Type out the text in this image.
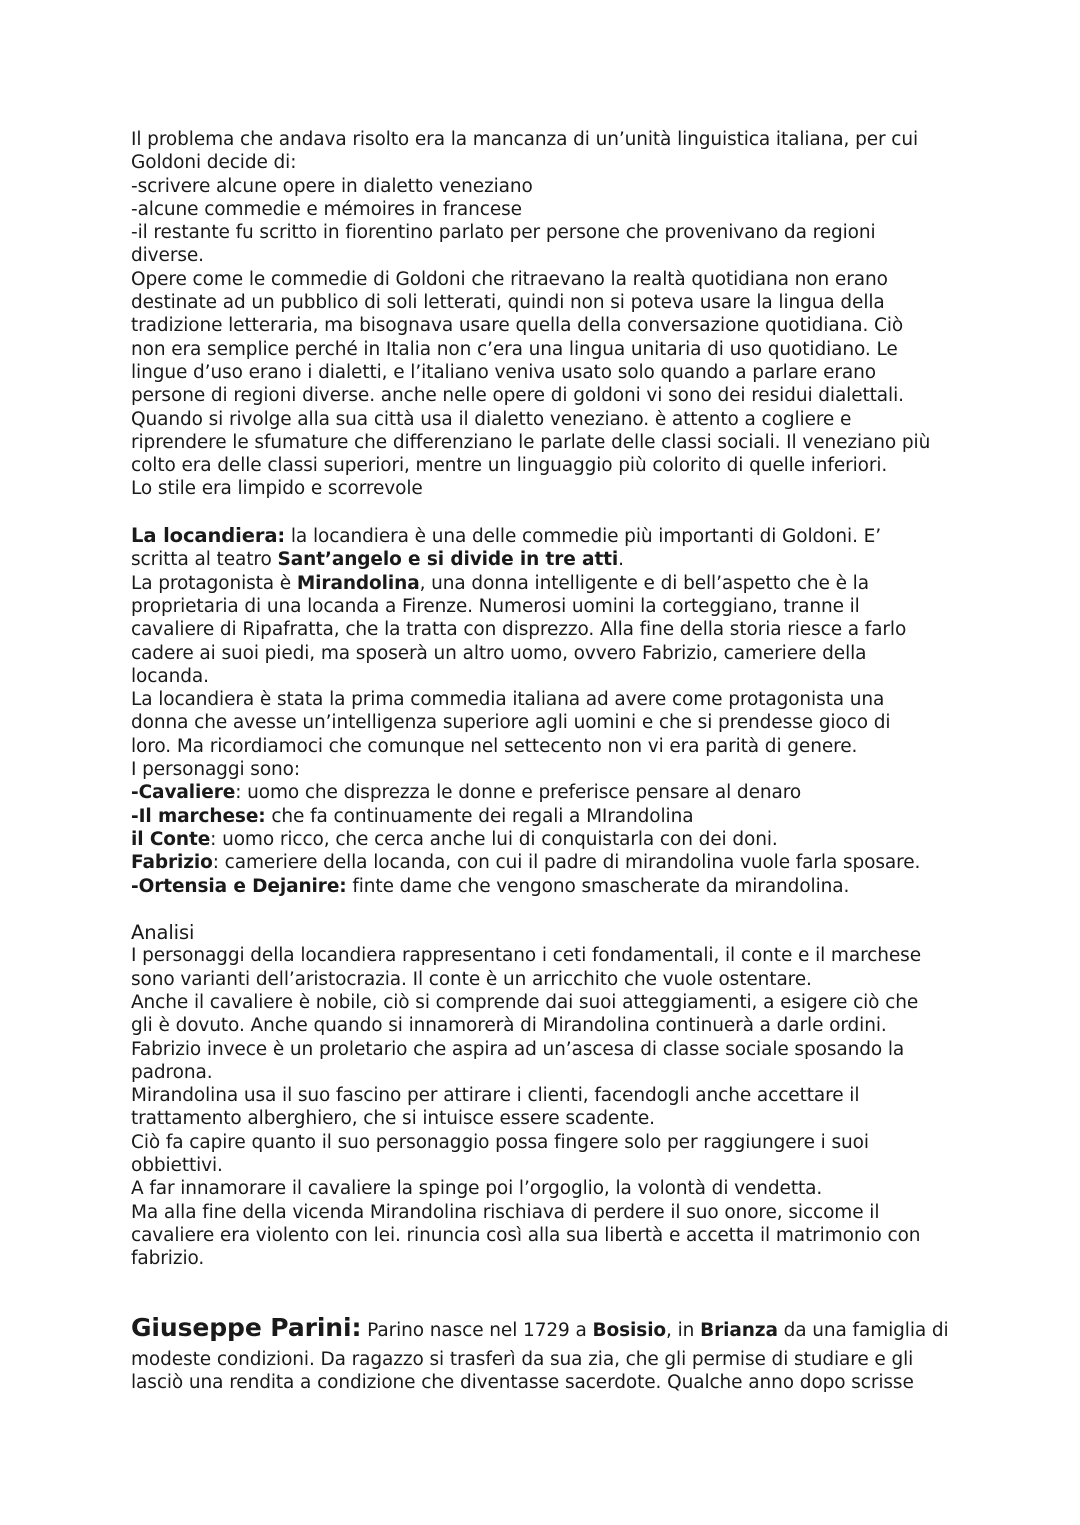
Il problema che andava risolto era la mancanza di un’unità linguistica italiana, per cui
Goldoni decide di:
-scrivere alcune opere in dialetto veneziano
-alcune commedie e mémoires in francese
-il restante fu scritto in fiorentino parlato per persone che provenivano da regioni
diverse.
Opere come le commedie di Goldoni che ritraevano la realtà quotidiana non erano
destinate ad un pubblico di soli letterati, quindi non si poteva usare la lingua della
tradizione letteraria, ma bisognava usare quella della conversazione quotidiana. Ciò
non era semplice perché in Italia non c’era una lingua unitaria di uso quotidiano. Le
lingue d’uso erano i dialetti, e l’italiano veniva usato solo quando a parlare erano
persone di regioni diverse. anche nelle opere di goldoni vi sono dei residui dialettali.
Quando si rivolge alla sua città usa il dialetto veneziano. è attento a cogliere e
riprendere le sfumature che differenziano le parlate delle classi sociali. Il veneziano più
colto era delle classi superiori, mentre un linguaggio più colorito di quelle inferiori.
Lo stile era limpido e scorrevole
La locandiera: la locandiera è una delle commedie più importanti di Goldoni. E’
scritta al teatro Sant’angelo e si divide in tre atti.
La protagonista è Mirandolina, una donna intelligente e di bell’aspetto che è la
proprietaria di una locanda a Firenze. Numerosi uomini la corteggiano, tranne il
cavaliere di Ripafratta, che la tratta con disprezzo. Alla fine della storia riesce a farlo
cadere ai suoi piedi, ma sposerà un altro uomo, ovvero Fabrizio, cameriere della
locanda.
La locandiera è stata la prima commedia italiana ad avere come protagonista una
donna che avesse un’intelligenza superiore agli uomini e che si prendesse gioco di
loro. Ma ricordiamoci che comunque nel settecento non vi era parità di genere.
I personaggi sono:
-Cavaliere: uomo che disprezza le donne e preferisce pensare al denaro
-Il marchese: che fa continuamente dei regali a MIrandolina
il Conte: uomo ricco, che cerca anche lui di conquistarla con dei doni.
Fabrizio: cameriere della locanda, con cui il padre di mirandolina vuole farla sposare.
-Ortensia e Dejanire: finte dame che vengono smascherate da mirandolina.
Analisi
I personaggi della locandiera rappresentano i ceti fondamentali, il conte e il marchese
sono varianti dell’aristocrazia. Il conte è un arricchito che vuole ostentare.
Anche il cavaliere è nobile, ciò si comprende dai suoi atteggiamenti, a esigere ciò che
gli è dovuto. Anche quando si innamorerà di Mirandolina continuerà a darle ordini.
Fabrizio invece è un proletario che aspira ad un’ascesa di classe sociale sposando la
padrona.
Mirandolina usa il suo fascino per attirare i clienti, facendogli anche accettare il
trattamento alberghiero, che si intuisce essere scadente.
Ciò fa capire quanto il suo personaggio possa fingere solo per raggiungere i suoi
obbiettivi.
A far innamorare il cavaliere la spinge poi l’orgoglio, la volontà di vendetta.
Ma alla fine della vicenda Mirandolina rischiava di perdere il suo onore, siccome il
cavaliere era violento con lei. rinuncia così alla sua libertà e accetta il matrimonio con
fabrizio.
Giuseppe Parini: Parino nasce nel 1729 a Bosisio, in Brianza da una famiglia di
modeste condizioni. Da ragazzo si trasferì da sua zia, che gli permise di studiare e gli
lasciò una rendita a condizione che diventasse sacerdote. Qualche anno dopo scrisse
